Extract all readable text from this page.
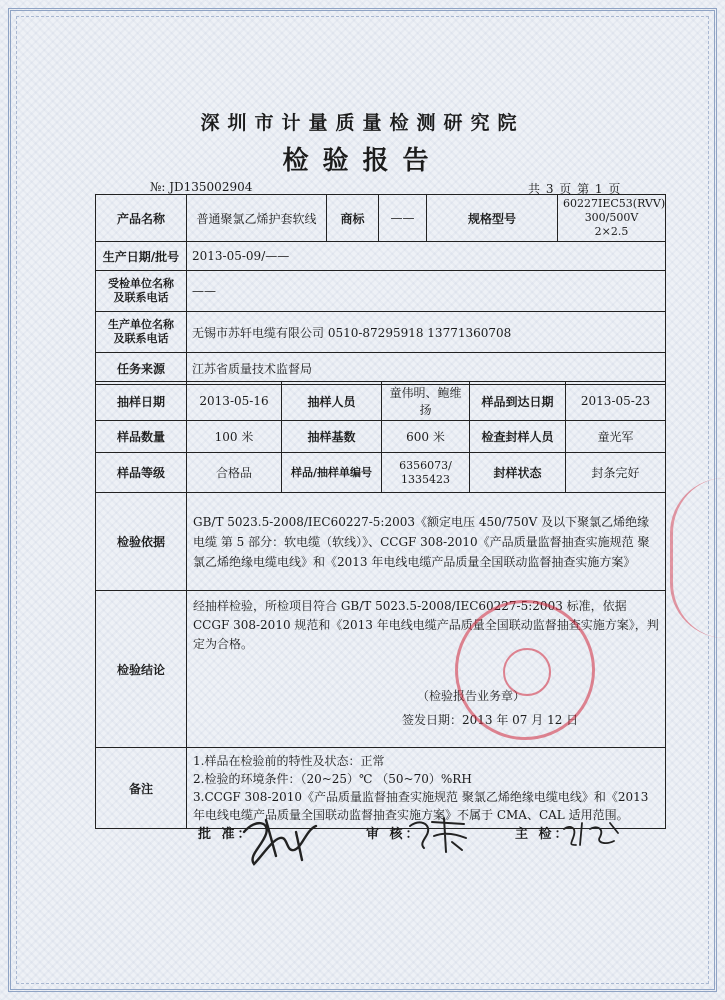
深圳市计量质量检测研究院
检验报告
№: JD135002904	共 3 页 第 1 页
产品名称	普通聚氯乙烯护套软线	商标	——	规格型号	60227IEC53(RVV) 300/500V
2×2.5

生产日期/批号	2013-05-09/——				

受检单位名称
及联系电话	——				

生产单位名称
及联系电话	无锡市苏轩电缆有限公司 0510-87295918 13771360708				
任务来源	江苏省质量技术监督局				

抽样日期	2013-05-16	抽样人员	童伟明、鲍维扬	样品到达日期	2013-05-23
样品数量	100 米	抽样基数	600 米	检查封样人员	童光军
样品等级	合格品	样品/抽样单编号	6356073/
1335423	封样状态	封条完好
检验依据	GB/T 5023.5-2008/IEC60227-5:2003《额定电压 450/750V 及以下聚氯乙烯绝缘电缆 第 5 部分：软电缆（软线）》、CCGF 308-2010《产品质量监督抽查实施规范 聚氯乙烯绝缘电缆电线》和《2013 年电线电缆产品质量全国联动监督抽查实施方案》				
检验结论	经抽样检验，所检项目符合 GB/T 5023.5-2008/IEC60227-5:2003 标准，依据 CCGF 308-2010 规范和《2013 年电线电缆产品质量全国联动监督抽查实施方案》，判定为合格。
（检验报告业务章）
签发日期：2013 年 07 月 12 日				

备注	1.样品在检验前的特性及状态：正常
2.检验的环境条件：（20~25）℃ （50~70）%RH
3.CCGF 308-2010《产品质量监督抽查实施规范 聚氯乙烯绝缘电缆电线》和《2013 年电线电缆产品质量全国联动监督抽查实施方案》不属于 CMA、CAL 适用范围。				
批 准：	审 核：	主 检：
